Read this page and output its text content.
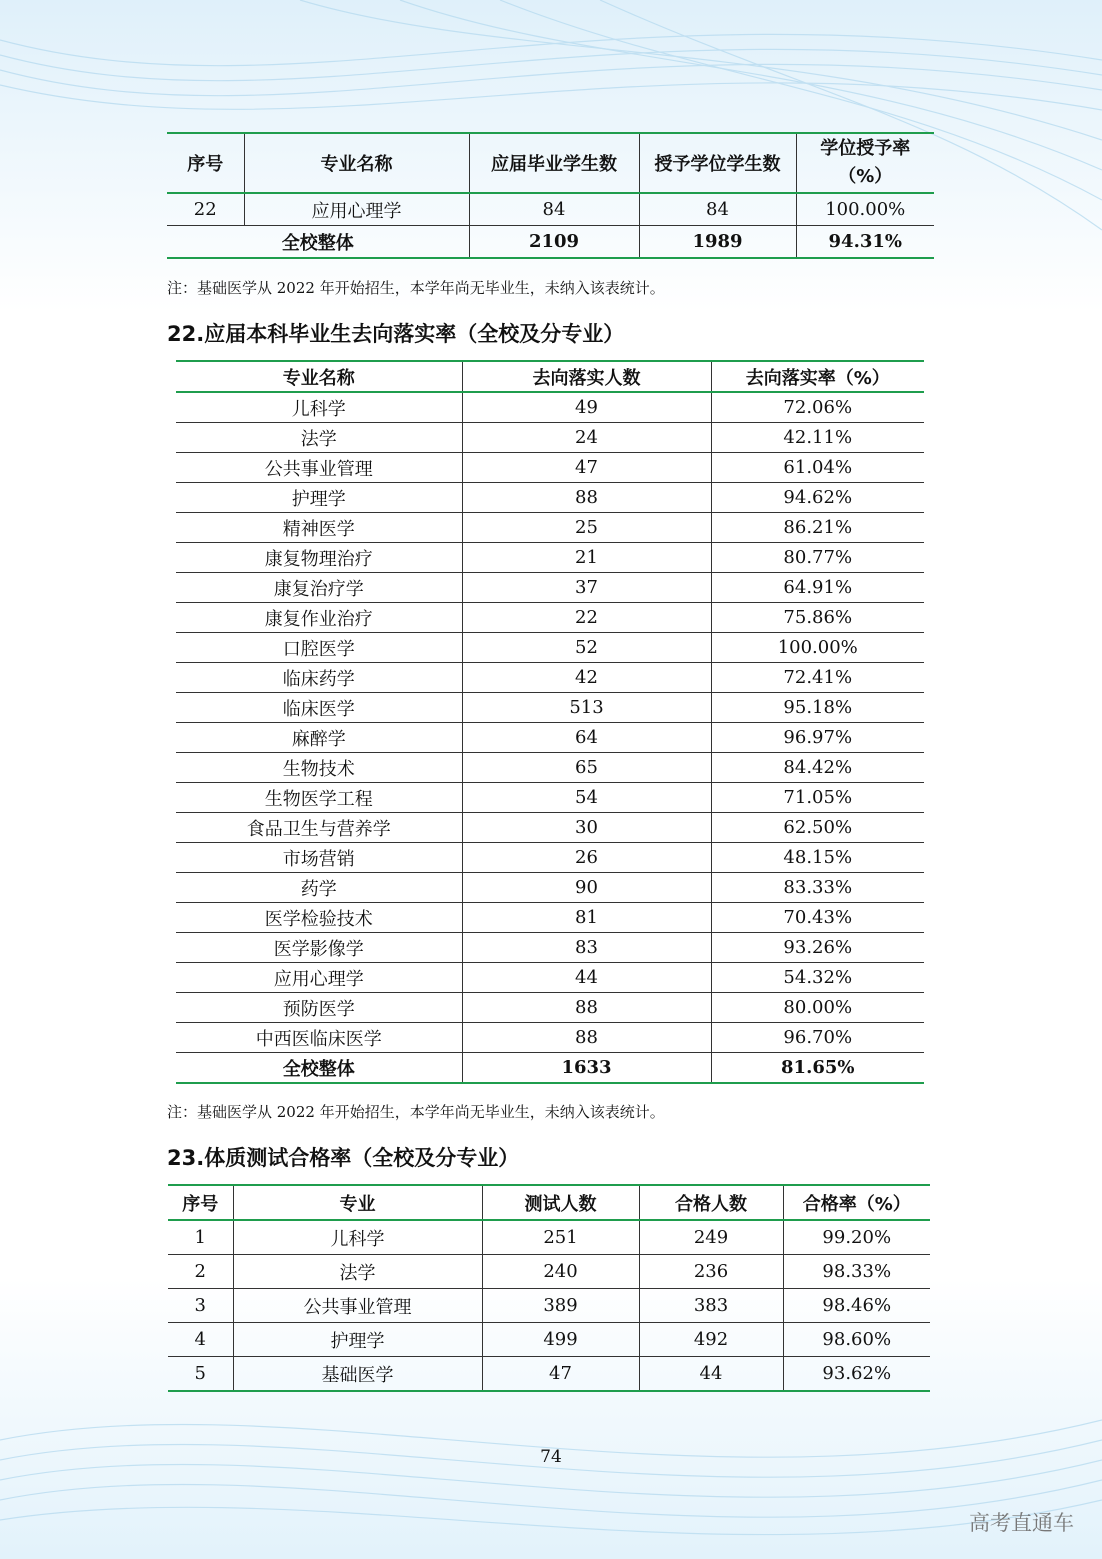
序号	专业名称	应届毕业学生数	授予学位学生数	学位授予率
（%）
22	应用心理学	84	84	100.00%
全校整体		2109	1989	94.31%
注：基础医学从 2022 年开始招生，本学年尚无毕业生，未纳入该表统计。
22.应届本科毕业生去向落实率（全校及分专业）
专业名称	去向落实人数	去向落实率（%）
儿科学	49	72.06%
法学	24	42.11%
公共事业管理	47	61.04%
护理学	88	94.62%
精神医学	25	86.21%
康复物理治疗	21	80.77%
康复治疗学	37	64.91%
康复作业治疗	22	75.86%
口腔医学	52	100.00%
临床药学	42	72.41%
临床医学	513	95.18%
麻醉学	64	96.97%
生物技术	65	84.42%
生物医学工程	54	71.05%
食品卫生与营养学	30	62.50%
市场营销	26	48.15%
药学	90	83.33%
医学检验技术	81	70.43%
医学影像学	83	93.26%
应用心理学	44	54.32%
预防医学	88	80.00%
中西医临床医学	88	96.70%
全校整体	1633	81.65%
注：基础医学从 2022 年开始招生，本学年尚无毕业生，未纳入该表统计。
23.体质测试合格率（全校及分专业）
序号	专业	测试人数	合格人数	合格率（%）
1	儿科学	251	249	99.20%
2	法学	240	236	98.33%
3	公共事业管理	389	383	98.46%
4	护理学	499	492	98.60%
5	基础医学	47	44	93.62%
74
高考直通车
